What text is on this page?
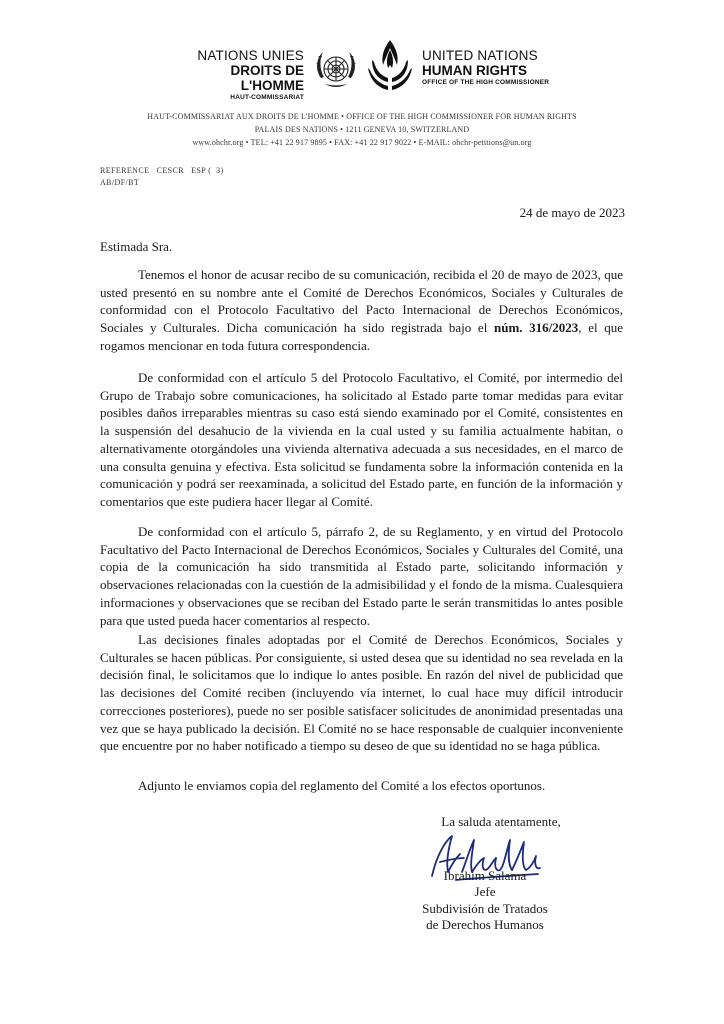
NATIONS UNIES
DROITS DE L'HOMME
HAUT-COMMISSARIAT
UNITED NATIONS
HUMAN RIGHTS
OFFICE OF THE HIGH COMMISSIONER
HAUT-COMMISSARIAT AUX DROITS DE L'HOMME • OFFICE OF THE HIGH COMMISSIONER FOR HUMAN RIGHTS
PALAIS DES NATIONS • 1211 GENEVA 10, SWITZERLAND
www.ohchr.org • TEL: +41 22 917 9895 • FAX: +41 22 917 9022 • E-MAIL: ohchr-petitions@un.org
REFERENCE   CESCR   ESP (  3)
AB/DF/BT
24 de mayo de 2023
Estimada Sra.

Tenemos el honor de acusar recibo de su comunicación, recibida el 20 de mayo de 2023, que usted presentó en su nombre ante el Comité de Derechos Económicos, Sociales y Culturales de conformidad con el Protocolo Facultativo del Pacto Internacional de Derechos Económicos, Sociales y Culturales. Dicha comunicación ha sido registrada bajo el núm. 316/2023, el que rogamos mencionar en toda futura correspondencia.

De conformidad con el artículo 5 del Protocolo Facultativo, el Comité, por intermedio del Grupo de Trabajo sobre comunicaciones, ha solicitado al Estado parte tomar medidas para evitar posibles daños irreparables mientras su caso está siendo examinado por el Comité, consistentes en la suspensión del desahucio de la vivienda en la cual usted y su familia actualmente habitan, o alternativamente otorgándoles una vivienda alternativa adecuada a sus necesidades, en el marco de una consulta genuina y efectiva. Esta solicitud se fundamenta sobre la información contenida en la comunicación y podrá ser reexaminada, a solicitud del Estado parte, en función de la información y comentarios que este pudiera hacer llegar al Comité.

De conformidad con el artículo 5, párrafo 2, de su Reglamento, y en virtud del Protocolo Facultativo del Pacto Internacional de Derechos Económicos, Sociales y Culturales del Comité, una copia de la comunicación ha sido transmitida al Estado parte, solicitando información y observaciones relacionadas con la cuestión de la admisibilidad y el fondo de la misma. Cualesquiera informaciones y observaciones que se reciban del Estado parte le serán transmitidas lo antes posible para que usted pueda hacer comentarios al respecto.

Las decisiones finales adoptadas por el Comité de Derechos Económicos, Sociales y Culturales se hacen públicas. Por consiguiente, si usted desea que su identidad no sea revelada en la decisión final, le solicitamos que lo indique lo antes posible. En razón del nivel de publicidad que las decisiones del Comité reciben (incluyendo vía internet, lo cual hace muy difícil introducir correcciones posteriores), puede no ser posible satisfacer solicitudes de anonimidad presentadas una vez que se haya publicado la decisión. El Comité no se hace responsable de cualquier inconveniente que encuentre por no haber notificado a tiempo su deseo de que su identidad no se haga pública.

Adjunto le enviamos copia del reglamento del Comité a los efectos oportunos.

La saluda atentamente,
Ibrahim Salama
Jefe
Subdivisión de Tratados
de Derechos Humanos
